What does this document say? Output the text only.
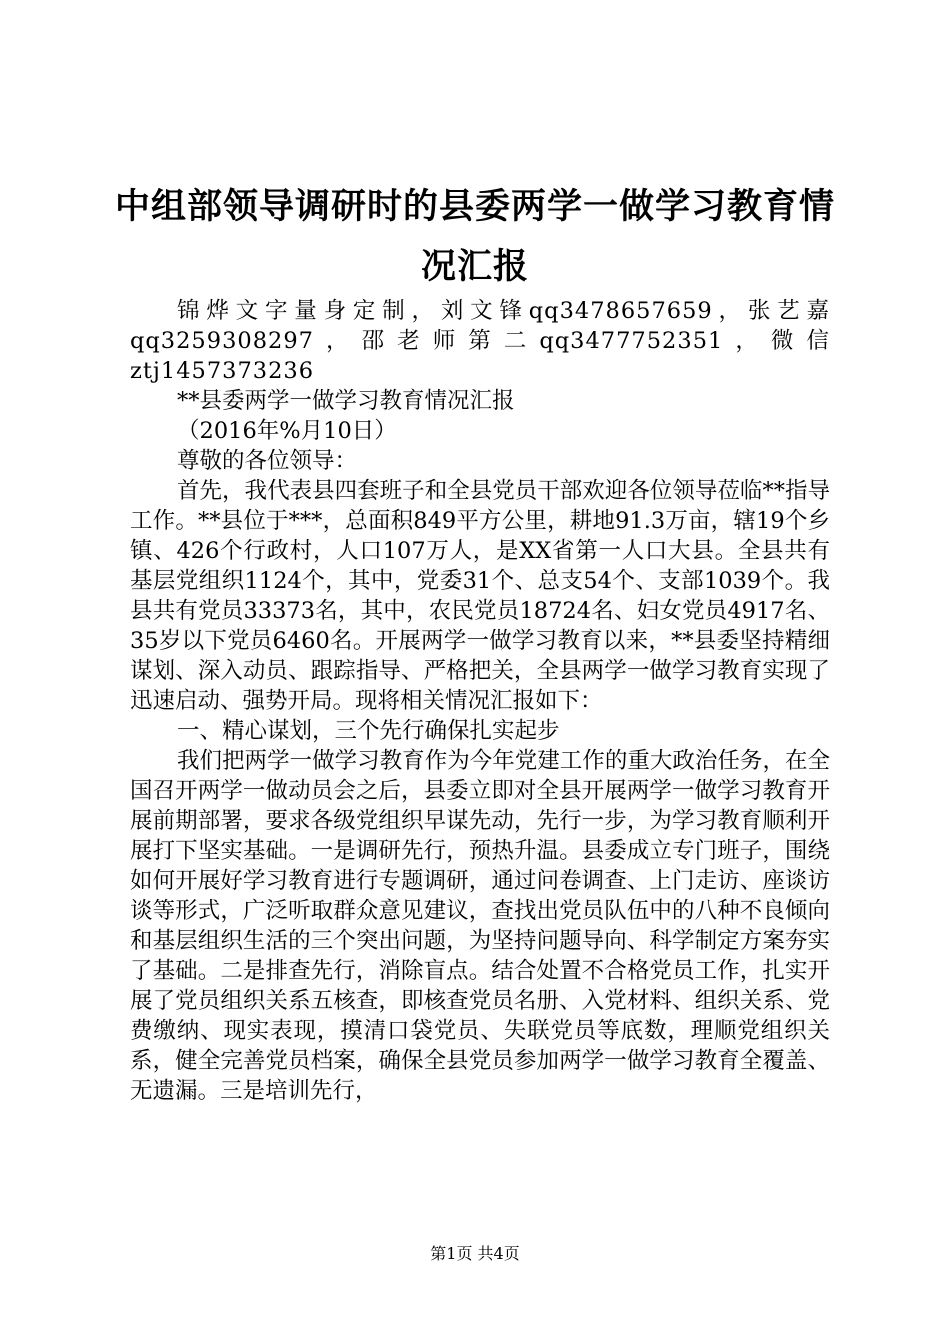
中组部领导调研时的县委两学一做学习教育情
况汇报

锦烨文字量身定制，刘文锋qq3478657659，张艺嘉qq3259308297，邵老师第二qq3477752351，微信ztj1457373236

**县委两学一做学习教育情况汇报

（2016年%月10日）

尊敬的各位领导：

首先，我代表县四套班子和全县党员干部欢迎各位领导莅临**指导工作。**县位于***，总面积849平方公里，耕地91.3万亩，辖19个乡镇、426个行政村，人口107万人，是XX省第一人口大县。全县共有基层党组织1124个，其中，党委31个、总支54个、支部1039个。我县共有党员33373名，其中，农民党员18724名、妇女党员4917名、35岁以下党员6460名。开展两学一做学习教育以来，**县委坚持精细谋划、深入动员、跟踪指导、严格把关，全县两学一做学习教育实现了迅速启动、强势开局。现将相关情况汇报如下：

一、精心谋划，三个先行确保扎实起步

我们把两学一做学习教育作为今年党建工作的重大政治任务，在全国召开两学一做动员会之后，县委立即对全县开展两学一做学习教育开展前期部署，要求各级党组织早谋先动，先行一步，为学习教育顺利开展打下坚实基础。一是调研先行，预热升温。县委成立专门班子，围绕如何开展好学习教育进行专题调研，通过问卷调查、上门走访、座谈访谈等形式，广泛听取群众意见建议，查找出党员队伍中的八种不良倾向和基层组织生活的三个突出问题，为坚持问题导向、科学制定方案夯实了基础。二是排查先行，消除盲点。结合处置不合格党员工作，扎实开展了党员组织关系五核查，即核查党员名册、入党材料、组织关系、党费缴纳、现实表现，摸清口袋党员、失联党员等底数，理顺党组织关系，健全完善党员档案，确保全县党员参加两学一做学习教育全覆盖、无遗漏。三是培训先行，

第1页 共4页
